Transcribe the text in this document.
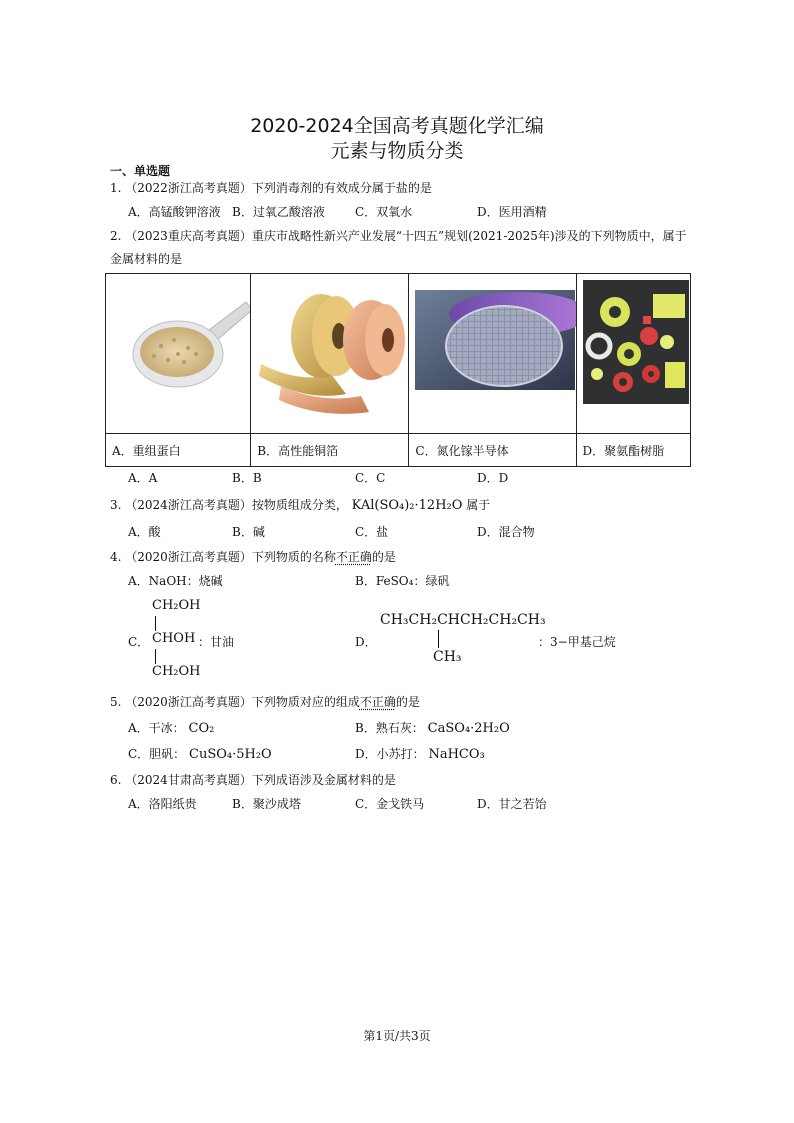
2020-2024全国高考真题化学汇编
元素与物质分类
一、单选题
1. （2022浙江高考真题）下列消毒剂的有效成分属于盐的是
A．高锰酸钾溶液 B．过氧乙酸溶液	C．双氧水	D．医用酒精
2. （2023重庆高考真题）重庆市战略性新兴产业发展“十四五”规划(2021-2025年)涉及的下列物质中，属于
金属材料的是

A．重组蛋白	B．高性能铜箔	C．氮化镓半导体	D．聚氨酯树脂
A．A	B．B	C．C	D．D
3. （2024浙江高考真题）按物质组成分类， KAl(SO₄)₂·12H₂O 属于
A．酸	B．碱	C．盐	D．混合物
4. （2020浙江高考真题）下列物质的名称不正确的是
A．NaOH：烧碱	B．FeSO₄：绿矾
C．
CH₂OH
CHOH
CH₂OH
：甘油	D．
CH₃CH₂CHCH₂CH₂CH₃
CH₃
：3−甲基己烷
5. （2020浙江高考真题）下列物质对应的组成不正确的是
A．干冰： CO₂	B．熟石灰： CaSO₄·2H₂O
C．胆矾： CuSO₄·5H₂O	D．小苏打： NaHCO₃
6. （2024甘肃高考真题）下列成语涉及金属材料的是
A．洛阳纸贵	B．聚沙成塔	C．金戈铁马	D．甘之若饴
第1页/共3页
